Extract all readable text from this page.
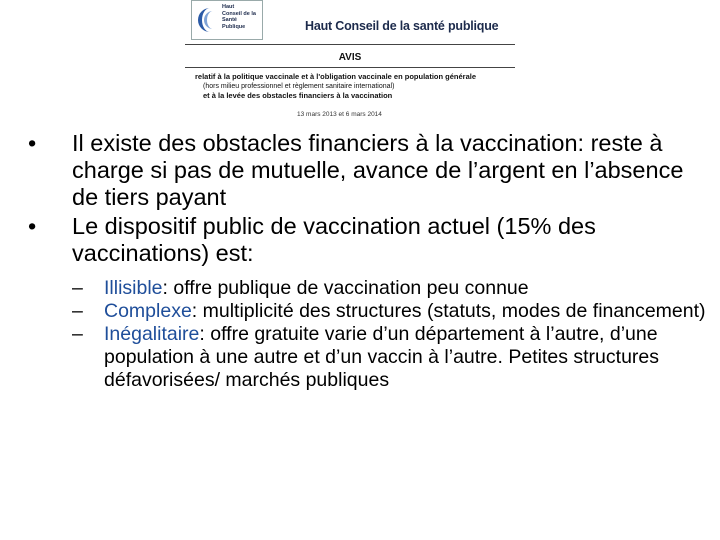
Haut
Conseil de la
Santé
Publique	Haut Conseil de la santé publique
AVIS
relatif à la politique vaccinale et à l'obligation vaccinale en population générale
(hors milieu professionnel et règlement sanitaire international)
et à la levée des obstacles financiers à la vaccination
13 mars 2013 et 6 mars 2014

•	Il existe des obstacles financiers à la vaccination: reste à charge si pas de mutuelle, avance de l’argent en l’absence de tiers payant

•	Le dispositif public de vaccination actuel (15% des vaccinations) est:

– Illisible: offre publique de vaccination peu connue

– Complexe: multiplicité des structures (statuts, modes de financement)

– Inégalitaire: offre gratuite varie d’un département à l’autre, d’une population à une autre et d’un vaccin à l’autre. Petites structures défavorisées/ marchés publiques
